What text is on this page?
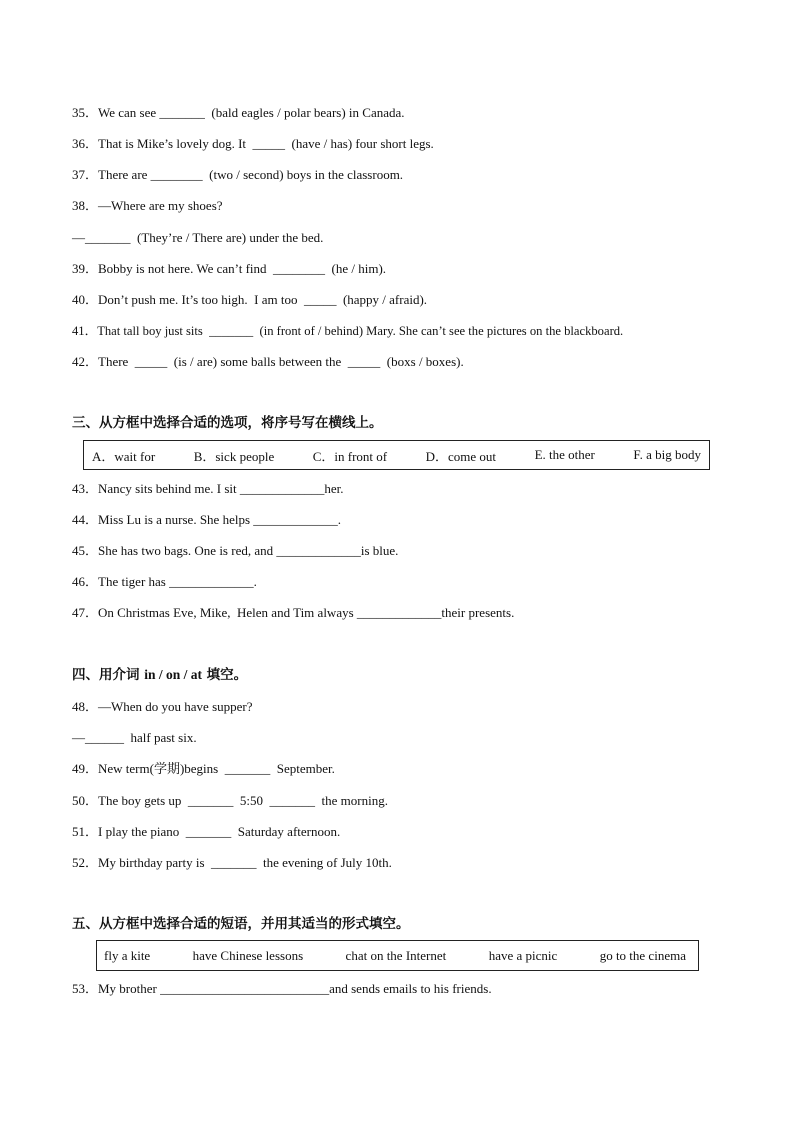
35．We can see _______  (bald eagles / polar bears) in Canada.
36．That is Mike’s lovely dog. It  _____  (have / has) four short legs.
37．There are ________  (two / second) boys in the classroom.
38．—Where are my shoes?
—_______  (They’re / There are) under the bed.
39．Bobby is not here. We can’t find  ________  (he / him).
40．Don’t push me. It’s too high.  I am too  _____  (happy / afraid).
41．That tall boy just sits  _______  (in front of / behind) Mary. She can’t see the pictures on the blackboard.
42．There  _____  (is / are) some balls between the  _____  (boxs / boxes).
三、从方框中选择合适的选项，将序号写在横线上。
A．wait for	B．sick people	C．in front of	D．come out	E. the other	F. a big body
43．Nancy sits behind me. I sit _____________her.
44．Miss Lu is a nurse. She helps _____________.
45．She has two bags. One is red, and _____________is blue.
46．The tiger has _____________.
47．On Christmas Eve, Mike,  Helen and Tim always _____________their presents.
四、用介词 in / on / at 填空。
48．—When do you have supper?
—______  half past six.
49．New term(学期)begins  _______  September.
50．The boy gets up  _______  5:50  _______  the morning.
51．I play the piano  _______  Saturday afternoon.
52．My birthday party is  _______  the evening of July 10th.
五、从方框中选择合适的短语，并用其适当的形式填空。
fly a kite	have Chinese lessons	chat on the Internet	have a picnic	go to the cinema
53．My brother __________________________and sends emails to his friends.
